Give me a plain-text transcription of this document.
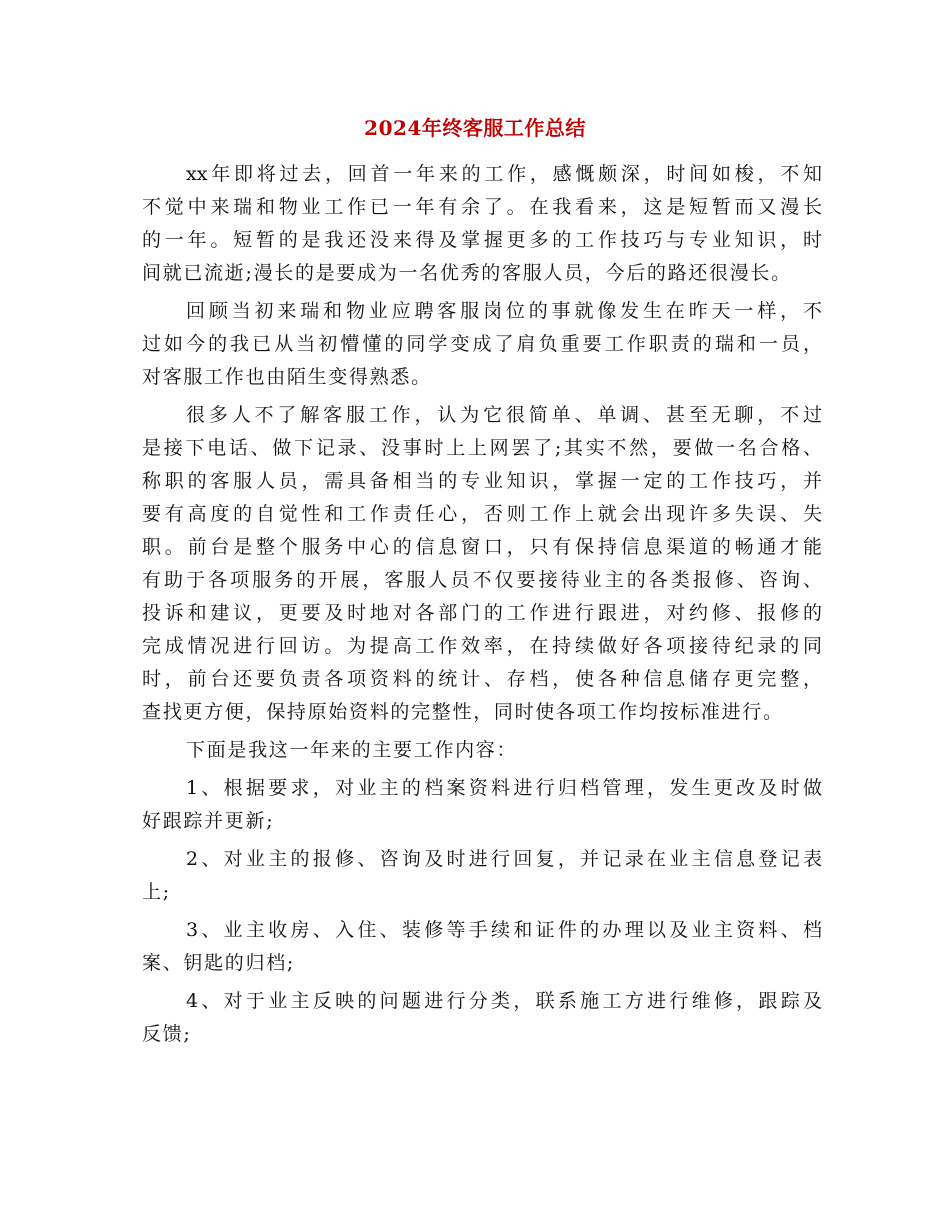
2024年终客服工作总结
xx年即将过去，回首一年来的工作，感慨颇深，时间如梭，不知
不觉中来瑞和物业工作已一年有余了。在我看来，这是短暂而又漫长
的一年。短暂的是我还没来得及掌握更多的工作技巧与专业知识，时
间就已流逝;漫长的是要成为一名优秀的客服人员，今后的路还很漫长。
回顾当初来瑞和物业应聘客服岗位的事就像发生在昨天一样，不
过如今的我已从当初懵懂的同学变成了肩负重要工作职责的瑞和一员，
对客服工作也由陌生变得熟悉。
很多人不了解客服工作，认为它很简单、单调、甚至无聊，不过
是接下电话、做下记录、没事时上上网罢了;其实不然，要做一名合格、
称职的客服人员，需具备相当的专业知识，掌握一定的工作技巧，并
要有高度的自觉性和工作责任心，否则工作上就会出现许多失误、失
职。前台是整个服务中心的信息窗口，只有保持信息渠道的畅通才能
有助于各项服务的开展，客服人员不仅要接待业主的各类报修、咨询、
投诉和建议，更要及时地对各部门的工作进行跟进，对约修、报修的
完成情况进行回访。为提高工作效率，在持续做好各项接待纪录的同
时，前台还要负责各项资料的统计、存档，使各种信息储存更完整，
查找更方便，保持原始资料的完整性，同时使各项工作均按标准进行。
下面是我这一年来的主要工作内容：
1、根据要求，对业主的档案资料进行归档管理，发生更改及时做
好跟踪并更新;
2、对业主的报修、咨询及时进行回复，并记录在业主信息登记表
上;
3、业主收房、入住、装修等手续和证件的办理以及业主资料、档
案、钥匙的归档;
4、对于业主反映的问题进行分类，联系施工方进行维修，跟踪及
反馈;
